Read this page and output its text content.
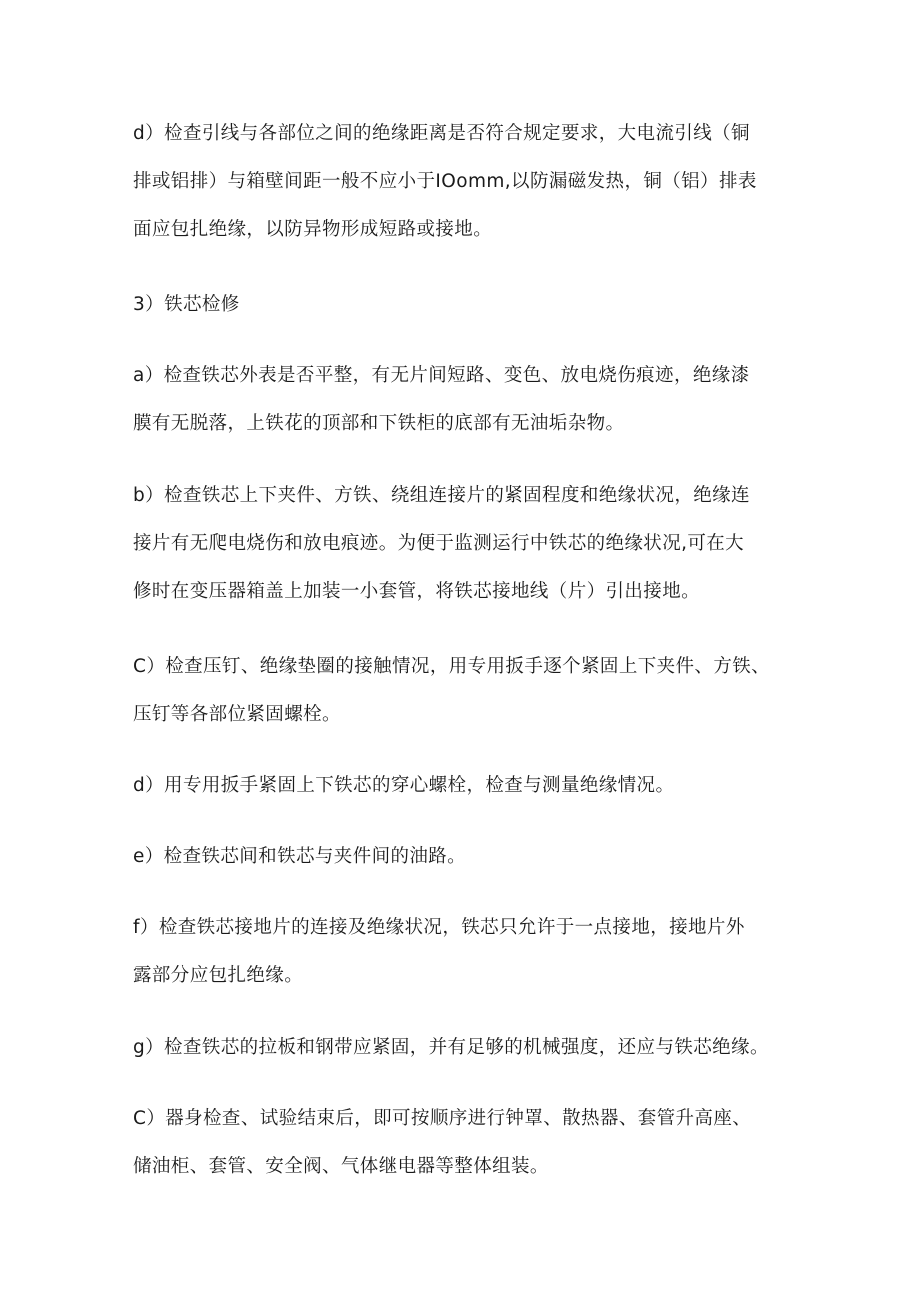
d）检查引线与各部位之间的绝缘距离是否符合规定要求，大电流引线（铜
排或铝排）与箱壁间距一般不应小于IOomm,以防漏磁发热，铜（铝）排表
面应包扎绝缘，以防异物形成短路或接地。

3）铁芯检修

a）检查铁芯外表是否平整，有无片间短路、变色、放电烧伤痕迹，绝缘漆
膜有无脱落，上铁花的顶部和下铁柜的底部有无油垢杂物。

b）检查铁芯上下夹件、方铁、绕组连接片的紧固程度和绝缘状况，绝缘连
接片有无爬电烧伤和放电痕迹。为便于监测运行中铁芯的绝缘状况,可在大
修时在变压器箱盖上加装一小套管，将铁芯接地线（片）引出接地。

C）检查压钉、绝缘垫圈的接触情况，用专用扳手逐个紧固上下夹件、方铁、
压钉等各部位紧固螺栓。

d）用专用扳手紧固上下铁芯的穿心螺栓，检查与测量绝缘情况。

e）检查铁芯间和铁芯与夹件间的油路。

f）检查铁芯接地片的连接及绝缘状况，铁芯只允许于一点接地，接地片外
露部分应包扎绝缘。

g）检查铁芯的拉板和钢带应紧固，并有足够的机械强度，还应与铁芯绝缘。

C）器身检查、试验结束后，即可按顺序进行钟罩、散热器、套管升高座、
储油柜、套管、安全阀、气体继电器等整体组装。
